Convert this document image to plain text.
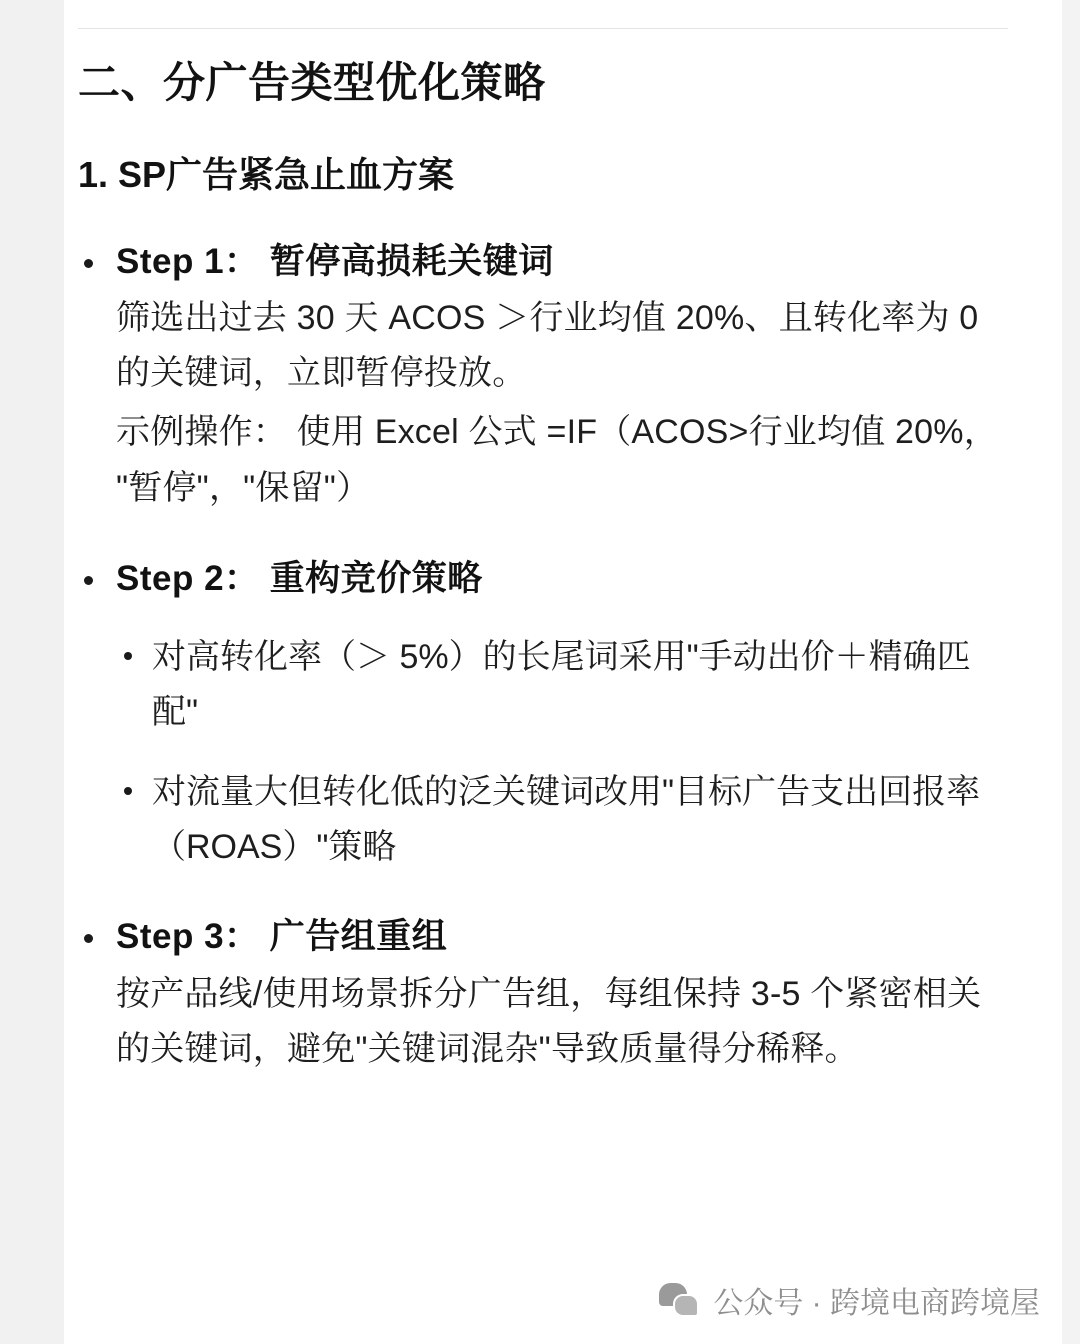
二、分广告类型优化策略
1. SP广告紧急止血方案
Step 1： 暂停高损耗关键词
筛选出过去 30 天 ACOS ＞行业均值 20%、且转化率为 0 的关键词，立即暂停投放。
示例操作： 使用 Excel 公式 =IF（ACOS>行业均值 20%， "暂停"，"保留"）
Step 2： 重构竞价策略
对高转化率（＞ 5%）的长尾词采用"手动出价＋精确匹配"
对流量大但转化低的泛关键词改用"目标广告支出回报率（ROAS）"策略
Step 3： 广告组重组
按产品线/使用场景拆分广告组，每组保持 3-5 个紧密相关的关键词，避免"关键词混杂"导致质量得分稀释。
公众号 · 跨境电商跨境屋
